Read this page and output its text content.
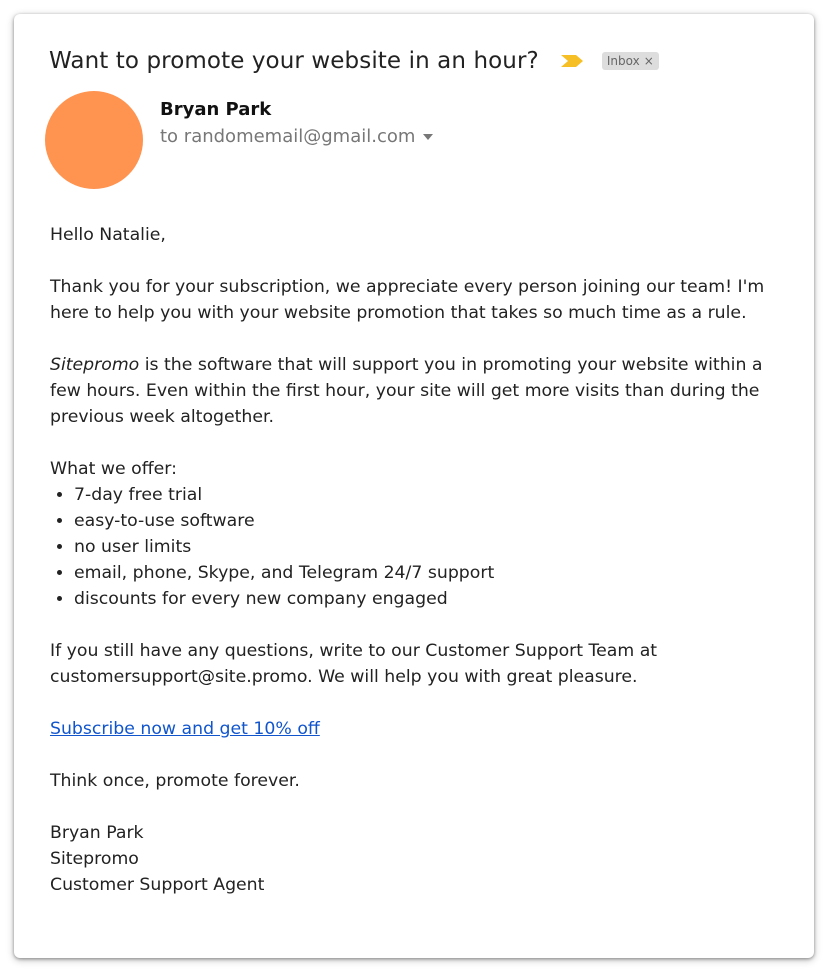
Want to promote your website in an hour?	Inbox ×
Bryan Park
to randomemail@gmail.com

Hello Natalie,

Thank you for your subscription, we appreciate every person joining our team! I'm here to help you with your website promotion that takes so much time as a rule.

Sitepromo is the software that will support you in promoting your website within a few hours. Even within the first hour, your site will get more visits than during the previous week altogether.

What we offer:
• 7-day free trial
• easy-to-use software
• no user limits
• email, phone, Skype, and Telegram 24/7 support
• discounts for every new company engaged

If you still have any questions, write to our Customer Support Team at customersupport@site.promo. We will help you with great pleasure.

Subscribe now and get 10% off

Think once, promote forever.

Bryan Park
Sitepromo
Customer Support Agent
